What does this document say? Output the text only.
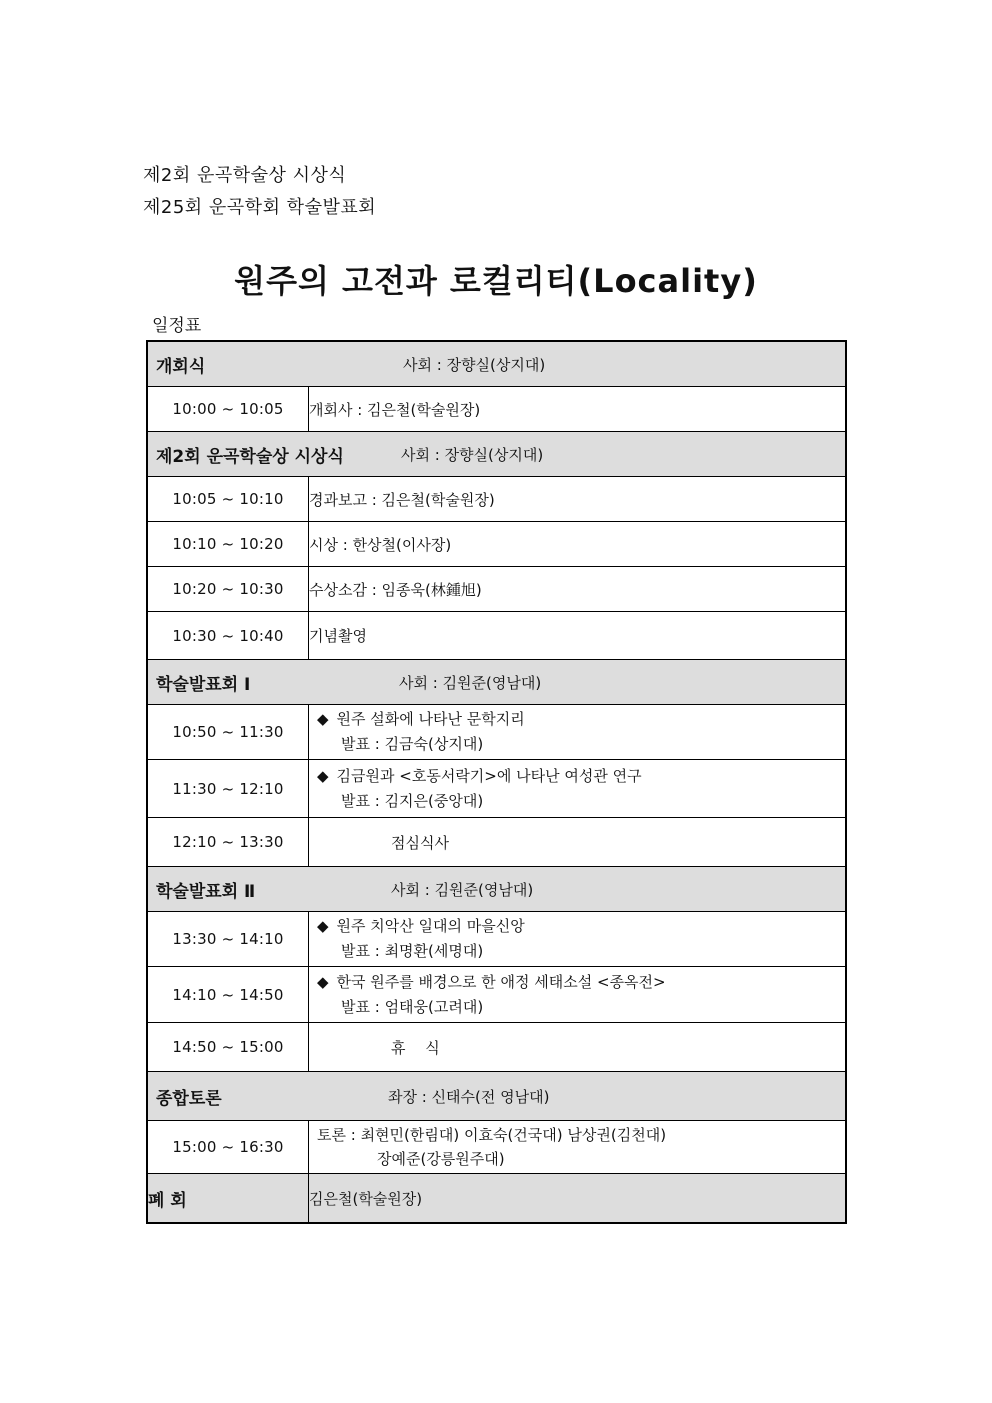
제2회 운곡학술상 시상식
제25회 운곡학회 학술발표회
원주의 고전과 로컬리티(Locality)
일정표
개회식 사회 : 장향실(상지대)	

10:00 ~ 10:05	개회사 : 김은철(학술원장)

제2회 운곡학술상 시상식 사회 : 장향실(상지대)	

10:05 ~ 10:10	경과보고 : 김은철(학술원장)
10:10 ~ 10:20	시상 : 한상철(이사장)
10:20 ~ 10:30	수상소감 : 임종욱(林鍾旭)
10:30 ~ 10:40	기념촬영

학술발표회 Ⅰ 사회 : 김원준(영남대)	

10:50 ~ 11:30	◆ 원주 설화에 나타난 문학지리
발표 : 김금숙(상지대)

11:30 ~ 12:10	◆ 김금원과 <호동서락기>에 나타난 여성관 연구
발표 : 김지은(중앙대)

12:10 ~ 13:30	점심식사

학술발표회 Ⅱ 사회 : 김원준(영남대)	

13:30 ~ 14:10	◆ 원주 치악산 일대의 마을신앙
발표 : 최명환(세명대)

14:10 ~ 14:50	◆ 한국 원주를 배경으로 한 애정 세태소설 <종옥전>
발표 : 엄태웅(고려대)

14:50 ~ 15:00	휴　 식

종합토론 좌장 : 신태수(전 영남대)	

15:00 ~ 16:30	토론 : 최현민(한림대) 이효숙(건국대) 남상권(김천대)
장예준(강릉원주대)

폐 회	김은철(학술원장)
